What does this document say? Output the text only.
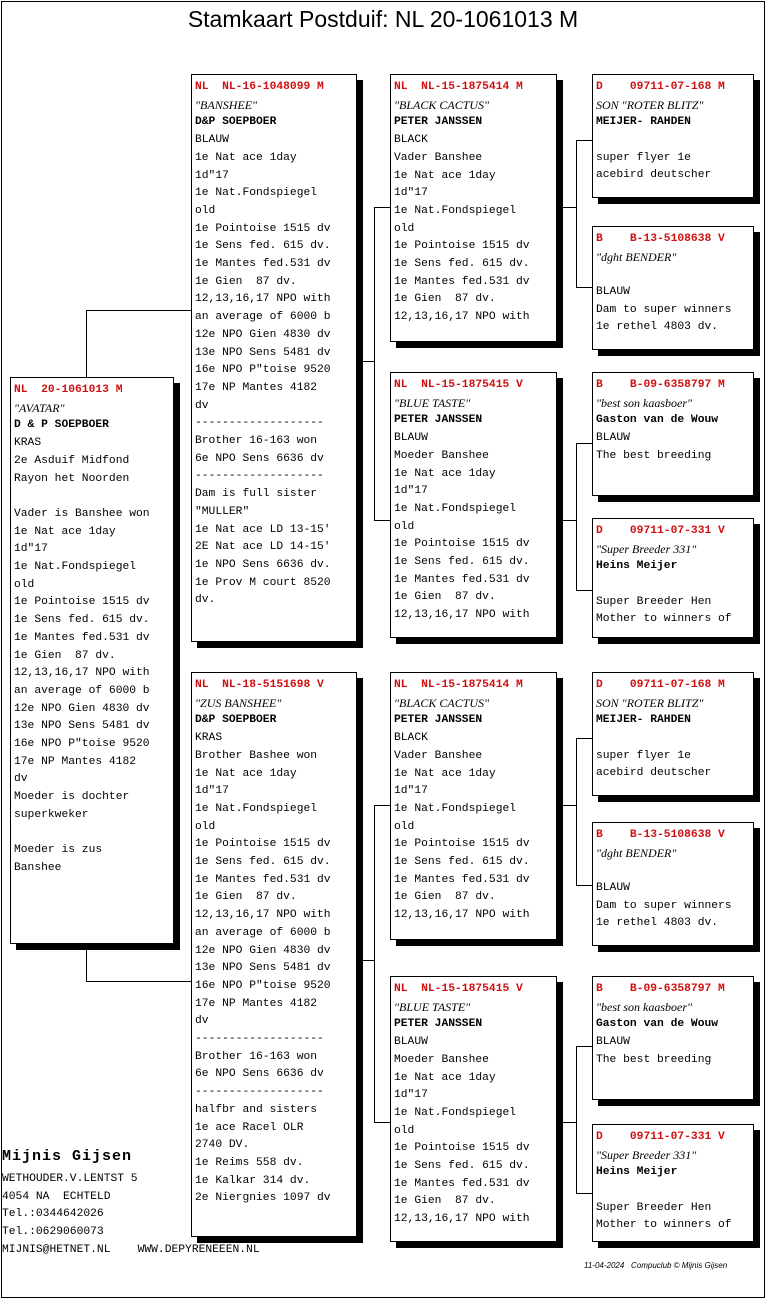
Stamkaart Postduif: NL 20-1061013 M
NL  20-1061013 M
"AVATAR"
D & P SOEPBOER
KRAS
2e Asduif Midfond
Rayon het Noorden
Vader is Banshee won
1e Nat ace 1day
1d"17
1e Nat.Fondspiegel
old
1e Pointoise 1515 dv
1e Sens fed. 615 dv.
1e Mantes fed.531 dv
1e Gien  87 dv.
12,13,16,17 NPO with
an average of 6000 b
12e NPO Gien 4830 dv
13e NPO Sens 5481 dv
16e NPO P"toise 9520
17e NP Mantes 4182
dv
Moeder is dochter
superkweker
Moeder is zus
Banshee
NL  NL-16-1048099 M
"BANSHEE"
D&P SOEPBOER
BLAUW
1e Nat ace 1day
1d"17
1e Nat.Fondspiegel
old
1e Pointoise 1515 dv
1e Sens fed. 615 dv.
1e Mantes fed.531 dv
1e Gien  87 dv.
12,13,16,17 NPO with
an average of 6000 b
12e NPO Gien 4830 dv
13e NPO Sens 5481 dv
16e NPO P"toise 9520
17e NP Mantes 4182
dv
-------------------
Brother 16-163 won
6e NPO Sens 6636 dv
-------------------
Dam is full sister
"MULLER"
1e Nat ace LD 13-15'
2E Nat ace LD 14-15'
1e NPO Sens 6636 dv.
1e Prov M court 8520
dv.
NL  NL-18-5151698 V
"ZUS BANSHEE"
D&P SOEPBOER
KRAS
Brother Bashee won
1e Nat ace 1day
1d"17
1e Nat.Fondspiegel
old
1e Pointoise 1515 dv
1e Sens fed. 615 dv.
1e Mantes fed.531 dv
1e Gien  87 dv.
12,13,16,17 NPO with
an average of 6000 b
12e NPO Gien 4830 dv
13e NPO Sens 5481 dv
16e NPO P"toise 9520
17e NP Mantes 4182
dv
-------------------
Brother 16-163 won
6e NPO Sens 6636 dv
-------------------
halfbr and sisters
1e ace Racel OLR
2740 DV.
1e Reims 558 dv.
1e Kalkar 314 dv.
2e Niergnies 1097 dv
NL  NL-15-1875414 M
"BLACK CACTUS"
PETER JANSSEN
BLACK
Vader Banshee
1e Nat ace 1day
1d"17
1e Nat.Fondspiegel
old
1e Pointoise 1515 dv
1e Sens fed. 615 dv.
1e Mantes fed.531 dv
1e Gien  87 dv.
12,13,16,17 NPO with
NL  NL-15-1875415 V
"BLUE TASTE"
PETER JANSSEN
BLAUW
Moeder Banshee
1e Nat ace 1day
1d"17
1e Nat.Fondspiegel
old
1e Pointoise 1515 dv
1e Sens fed. 615 dv.
1e Mantes fed.531 dv
1e Gien  87 dv.
12,13,16,17 NPO with
NL  NL-15-1875414 M
"BLACK CACTUS"
PETER JANSSEN
BLACK
Vader Banshee
1e Nat ace 1day
1d"17
1e Nat.Fondspiegel
old
1e Pointoise 1515 dv
1e Sens fed. 615 dv.
1e Mantes fed.531 dv
1e Gien  87 dv.
12,13,16,17 NPO with
NL  NL-15-1875415 V
"BLUE TASTE"
PETER JANSSEN
BLAUW
Moeder Banshee
1e Nat ace 1day
1d"17
1e Nat.Fondspiegel
old
1e Pointoise 1515 dv
1e Sens fed. 615 dv.
1e Mantes fed.531 dv
1e Gien  87 dv.
12,13,16,17 NPO with
D    09711-07-168 M
SON "ROTER BLITZ"
MEIJER- RAHDEN
super flyer 1e
acebird deutscher
B    B-13-5108638 V
"dght BENDER"
BLAUW
Dam to super winners
1e rethel 4803 dv.
B    B-09-6358797 M
"best son kaasboer"
Gaston van de Wouw
BLAUW
The best breeding
D    09711-07-331 V
"Super Breeder 331"
Heins Meijer
Super Breeder Hen
Mother to winners of
D    09711-07-168 M
SON "ROTER BLITZ"
MEIJER- RAHDEN
super flyer 1e
acebird deutscher
B    B-13-5108638 V
"dght BENDER"
BLAUW
Dam to super winners
1e rethel 4803 dv.
B    B-09-6358797 M
"best son kaasboer"
Gaston van de Wouw
BLAUW
The best breeding
D    09711-07-331 V
"Super Breeder 331"
Heins Meijer
Super Breeder Hen
Mother to winners of
Mijnis Gijsen
WETHOUDER.V.LENTST 5
4054 NA  ECHTELD
Tel.:0344642026
Tel.:0629060073
MIJNIS@HETNET.NL    WWW.DEPYRENEEEN.NL
11-04-2024   Compuclub © Mijnis Gijsen
